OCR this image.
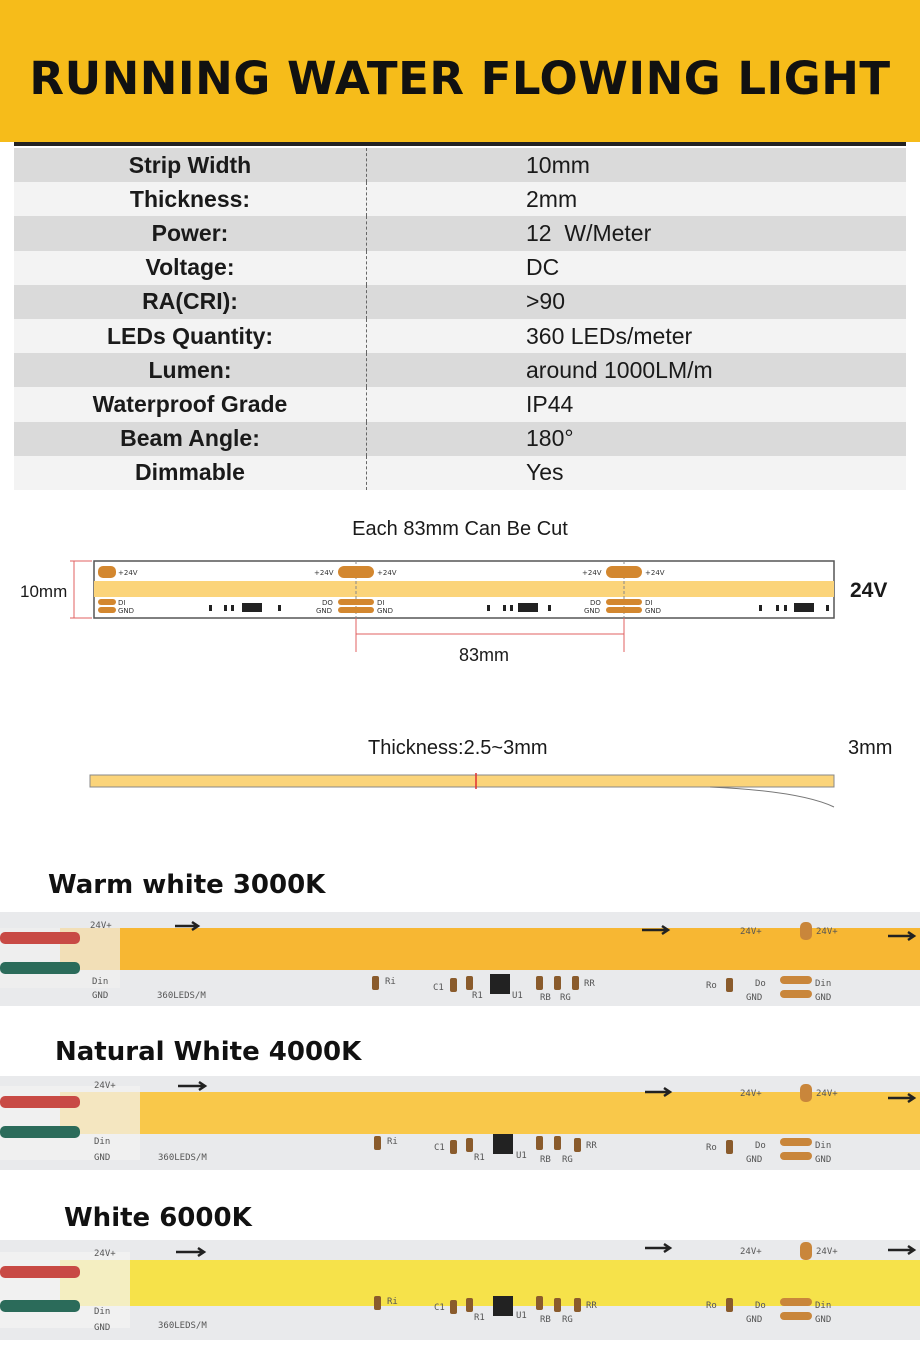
RUNNING WATER FLOWING LIGHT
Strip Width	10mm
Thickness:	2mm
Power:	12  W/Meter
Voltage:	DC
RA(CRI):	>90
LEDs Quantity:	360 LEDs/meter
Lumen:	around 1000LM/m
Waterproof Grade	IP44
Beam Angle:	180°
Dimmable	Yes
Each 83mm Can Be Cut
10mm	24V
83mm
+24V	+24V	+24V	+24V	+24V
DI
GND
DO
GND
DI
GND
DO
GND
DI
GND
Thickness:2.5~3mm	3mm
Warm white 3000K
24V+
Din
GND	360LEDS/M
24V+	24V+
Do
GND
Din
GND
Ri
C1
R1	U1 RB RG
RR	Ro
Natural White 4000K
24V+
Din
GND	360LEDS/M
24V+	24V+
Do
GND
Din
GND
Ri
C1
R1	U1 RB RG
RR	Ro
White 6000K
24V+
Din
GND	360LEDS/M
24V+	24V+
Do
GND
Din
GND
Ri
C1
R1	U1 RB RG
RR	Ro
